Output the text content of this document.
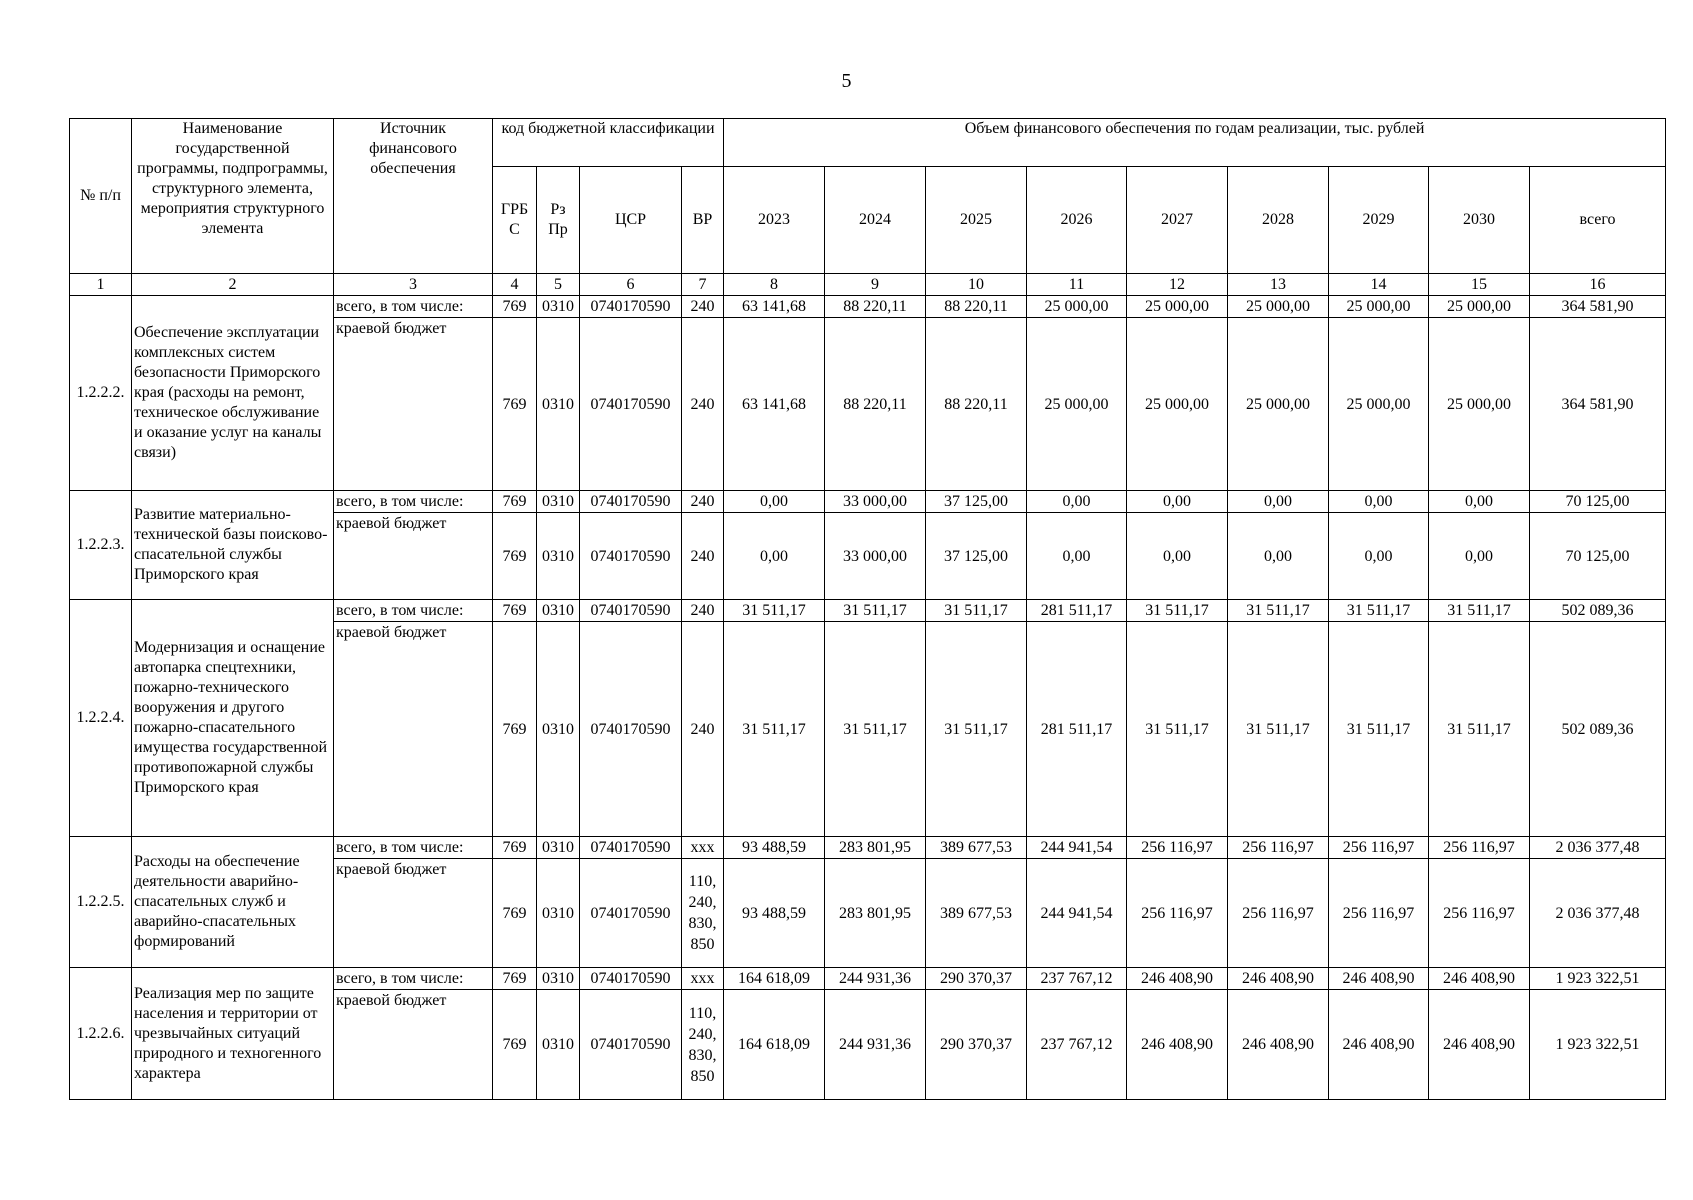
5
№ п/п	Наименование государственной программы, подпрограммы, структурного элемента, мероприятия структурного элемента	Источник финансового обеспечения	код бюджетной классификации				Объем финансового обеспечения по годам реализации, тыс. рублей								
			ГРБ С	Рз Пр	ЦСР	ВР	2023	2024	2025	2026	2027	2028	2029	2030	всего
1	2	3	4	5	6	7	8	9	10	11	12	13	14	15	16
1.2.2.2.	Обеспечение эксплуатации комплексных систем безопасности Приморского края (расходы на ремонт, техническое обслуживание и оказание услуг на каналы связи)	всего, в том числе:	769	0310	0740170590	240	63 141,68	88 220,11	88 220,11	25 000,00	25 000,00	25 000,00	25 000,00	25 000,00	364 581,90
		краевой бюджет	769	0310	0740170590	240	63 141,68	88 220,11	88 220,11	25 000,00	25 000,00	25 000,00	25 000,00	25 000,00	364 581,90
1.2.2.3.	Развитие материально-технической базы поисково-спасательной службы Приморского края	всего, в том числе:	769	0310	0740170590	240	0,00	33 000,00	37 125,00	0,00	0,00	0,00	0,00	0,00	70 125,00
		краевой бюджет	769	0310	0740170590	240	0,00	33 000,00	37 125,00	0,00	0,00	0,00	0,00	0,00	70 125,00
1.2.2.4.	Модернизация и оснащение автопарка спецтехники, пожарно-технического вооружения и другого пожарно-спасательного имущества государственной противопожарной службы Приморского края	всего, в том числе:	769	0310	0740170590	240	31 511,17	31 511,17	31 511,17	281 511,17	31 511,17	31 511,17	31 511,17	31 511,17	502 089,36
		краевой бюджет	769	0310	0740170590	240	31 511,17	31 511,17	31 511,17	281 511,17	31 511,17	31 511,17	31 511,17	31 511,17	502 089,36
1.2.2.5.	Расходы на обеспечение деятельности аварийно-спасательных служб и аварийно-спасательных формирований	всего, в том числе:	769	0310	0740170590	ххх	93 488,59	283 801,95	389 677,53	244 941,54	256 116,97	256 116,97	256 116,97	256 116,97	2 036 377,48
		краевой бюджет	769	0310	0740170590	110, 240, 830, 850	93 488,59	283 801,95	389 677,53	244 941,54	256 116,97	256 116,97	256 116,97	256 116,97	2 036 377,48
1.2.2.6.	Реализация мер по защите населения и территории от чрезвычайных ситуаций природного и техногенного характера	всего, в том числе:	769	0310	0740170590	ххх	164 618,09	244 931,36	290 370,37	237 767,12	246 408,90	246 408,90	246 408,90	246 408,90	1 923 322,51
		краевой бюджет	769	0310	0740170590	110, 240, 830, 850	164 618,09	244 931,36	290 370,37	237 767,12	246 408,90	246 408,90	246 408,90	246 408,90	1 923 322,51
